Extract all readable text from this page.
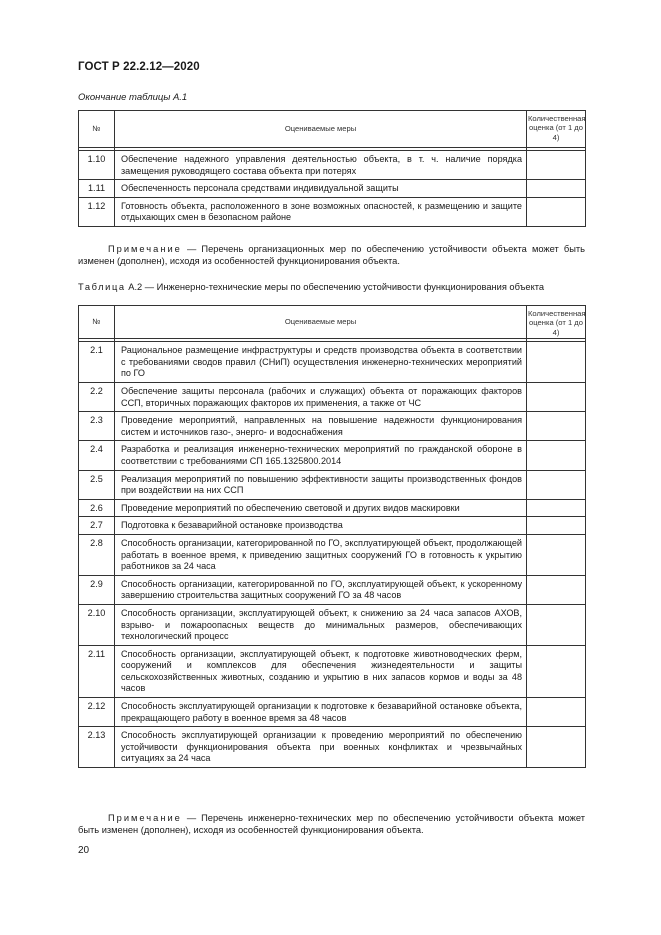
ГОСТ Р 22.2.12—2020
Окончание таблицы А.1
№	Оцениваемые меры	Количественная оценка (от 1 до 4)

1.10	Обеспечение надежного управления деятельностью объекта, в т. ч. наличие порядка замещения руководящего состава объекта при потерях	
1.11	Обеспеченность персонала средствами индивидуальной защиты	
1.12	Готовность объекта, расположенного в зоне возможных опасностей, к размещению и защите отдыхающих смен в безопасном районе	
Примечание — Перечень организационных мер по обеспечению устойчивости объекта может быть изменен (дополнен), исходя из особенностей функционирования объекта.
Таблица А.2 — Инженерно-технические меры по обеспечению устойчивости функционирования объекта
№	Оцениваемые меры	Количественная оценка (от 1 до 4)

2.1	Рациональное размещение инфраструктуры и средств производства объекта в соответствии с требованиями сводов правил (СНиП) осуществления инженерно-технических мероприятий по ГО	
2.2	Обеспечение защиты персонала (рабочих и служащих) объекта от поражающих факторов ССП, вторичных поражающих факторов их применения, а также от ЧС	
2.3	Проведение мероприятий, направленных на повышение надежности функционирования систем и источников газо-, энерго- и водоснабжения	
2.4	Разработка и реализация инженерно-технических мероприятий по гражданской обороне в соответствии с требованиями СП 165.1325800.2014	
2.5	Реализация мероприятий по повышению эффективности защиты производственных фондов при воздействии на них ССП	
2.6	Проведение мероприятий по обеспечению световой и других видов маскировки	
2.7	Подготовка к безаварийной остановке производства	
2.8	Способность организации, категорированной по ГО, эксплуатирующей объект, продолжающей работать в военное время, к приведению защитных сооружений ГО в готовность к укрытию работников за 24 часа	
2.9	Способность организации, категорированной по ГО, эксплуатирующей объект, к ускоренному завершению строительства защитных сооружений ГО за 48 часов	
2.10	Способность организации, эксплуатирующей объект, к снижению за 24 часа запасов АХОВ, взрыво- и пожароопасных веществ до минимальных размеров, обеспечивающих технологический процесс	
2.11	Способность организации, эксплуатирующей объект, к подготовке животноводческих ферм, сооружений и комплексов для обеспечения жизнедеятельности и защиты сельскохозяйственных животных, созданию и укрытию в них запасов кормов и воды за 48 часов	
2.12	Способность эксплуатирующей организации к подготовке к безаварийной остановке объекта, прекращающего работу в военное время за 48 часов	
2.13	Способность эксплуатирующей организации к проведению мероприятий по обеспечению устойчивости функционирования объекта при военных конфликтах и чрезвычайных ситуациях за 24 часа	
Примечание — Перечень инженерно-технических мер по обеспечению устойчивости объекта может быть изменен (дополнен), исходя из особенностей функционирования объекта.
20
